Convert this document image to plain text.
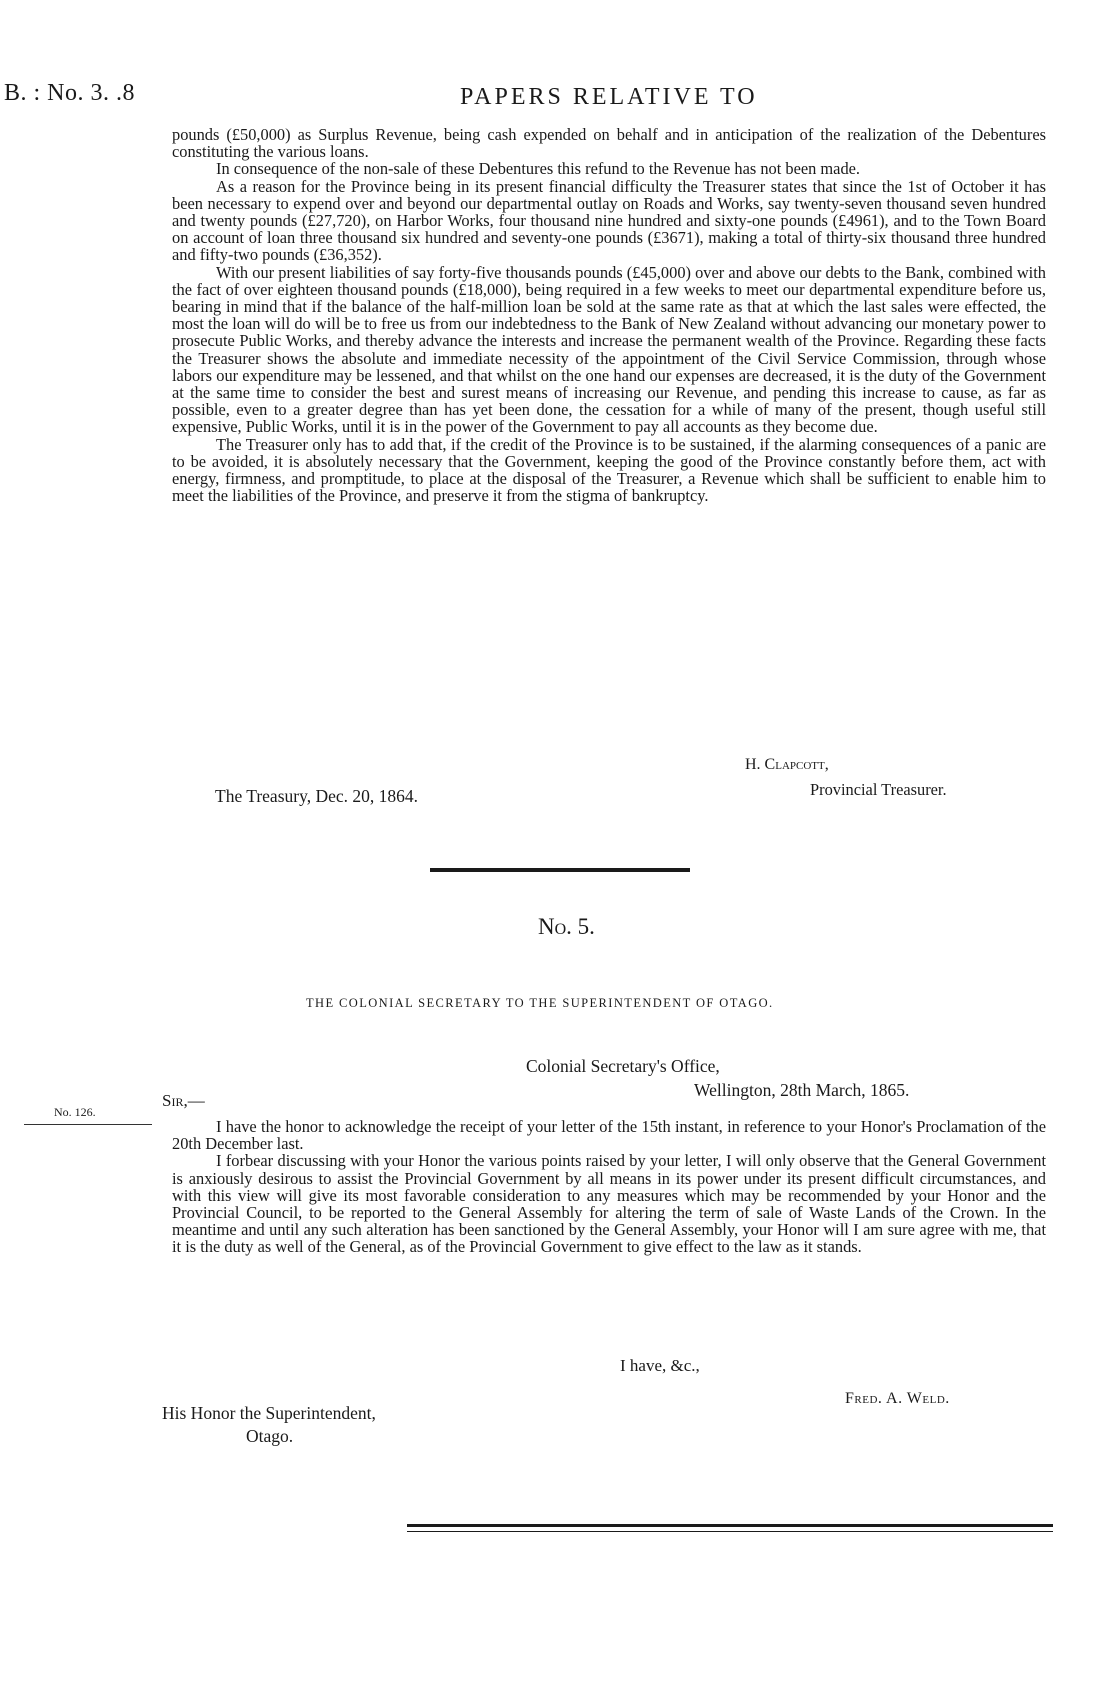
B. : No. 3. .8	PAPERS RELATIVE TO

pounds (£50,000) as Surplus Revenue, being cash expended on behalf and in anticipation of the realization of the Debentures constituting the various loans.

In consequence of the non-sale of these Debentures this refund to the Revenue has not been made.

As a reason for the Province being in its present financial difficulty the Treasurer states that since the 1st of October it has been necessary to expend over and beyond our departmental outlay on Roads and Works, say twenty-seven thousand seven hundred and twenty pounds (£27,720), on Harbor Works, four thousand nine hundred and sixty-one pounds (£4961), and to the Town Board on account of loan three thousand six hundred and seventy-one pounds (£3671), making a total of thirty-six thousand three hundred and fifty-two pounds (£36,352).

With our present liabilities of say forty-five thousands pounds (£45,000) over and above our debts to the Bank, combined with the fact of over eighteen thousand pounds (£18,000), being required in a few weeks to meet our departmental expenditure before us, bearing in mind that if the balance of the half-million loan be sold at the same rate as that at which the last sales were effected, the most the loan will do will be to free us from our indebtedness to the Bank of New Zealand without advancing our monetary power to prosecute Public Works, and thereby advance the interests and increase the permanent wealth of the Province. Regarding these facts the Treasurer shows the absolute and immediate necessity of the appointment of the Civil Service Commission, through whose labors our expenditure may be lessened, and that whilst on the one hand our expenses are decreased, it is the duty of the Government at the same time to consider the best and surest means of increasing our Revenue, and pending this increase to cause, as far as possible, even to a greater degree than has yet been done, the cessation for a while of many of the present, though useful still expensive, Public Works, until it is in the power of the Government to pay all accounts as they become due.

The Treasurer only has to add that, if the credit of the Province is to be sustained, if the alarming consequences of a panic are to be avoided, it is absolutely necessary that the Government, keeping the good of the Province constantly before them, act with energy, firmness, and promptitude, to place at the disposal of the Treasurer, a Revenue which shall be sufficient to enable him to meet the liabilities of the Province, and preserve it from the stigma of bankruptcy.

H. Clapcott,
Provincial Treasurer.
The Treasury, Dec. 20, 1864.
No. 5.
THE COLONIAL SECRETARY TO THE SUPERINTENDENT OF OTAGO.
Colonial Secretary's Office,
Wellington, 28th March, 1865.
No. 126.
Sir,—

I have the honor to acknowledge the receipt of your letter of the 15th instant, in reference to your Honor's Proclamation of the 20th December last.

I forbear discussing with your Honor the various points raised by your letter, I will only observe that the General Government is anxiously desirous to assist the Provincial Government by all means in its power under its present difficult circumstances, and with this view will give its most favorable consideration to any measures which may be recommended by your Honor and the Provincial Council, to be reported to the General Assembly for altering the term of sale of Waste Lands of the Crown. In the meantime and until any such alteration has been sanctioned by the General Assembly, your Honor will I am sure agree with me, that it is the duty as well of the General, as of the Provincial Government to give effect to the law as it stands.

I have, &c.,
Fred. A. Weld.
His Honor the Superintendent,
Otago.
